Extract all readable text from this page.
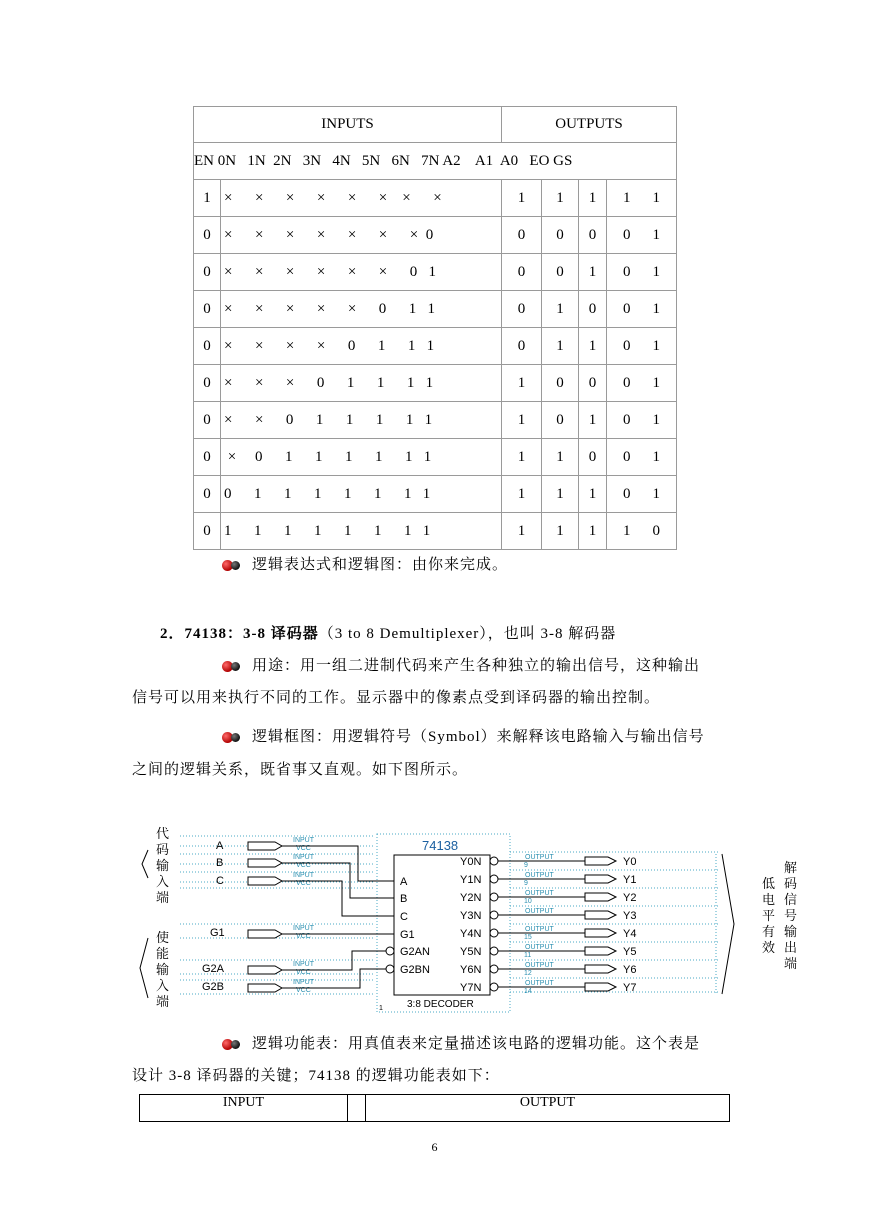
INPUTS		OUTPUTS			
EN 0N   1N  2N   3N   4N   5N   6N   7N A2    A1  A0   EO GS					
1	×      ×      ×      ×      ×      ×    ×      ×	1	1	1	1 1
0	×      ×      ×      ×      ×      ×      ×  0	0	0	0	0 1
0	×      ×      ×      ×      ×      ×      0   1	0	0	1	0 1
0	×      ×      ×      ×      ×      0      1   1	0	1	0	0 1
0	×      ×      ×      ×      0      1      1   1	0	1	1	0 1
0	×      ×      ×      0      1      1      1   1	1	0	0	0 1
0	×      ×      0      1      1      1      1   1	1	0	1	0 1
0	×     0      1      1      1      1      1   1	1	1	0	0 1
0	0      1      1      1      1      1      1   1	1	1	1	0 1
0	1      1      1      1      1      1      1   1	1	1	1	1 0
逻辑表达式和逻辑图：由你来完成。
2．74138：3-8 译码器（3 to 8 Demultiplexer），也叫 3-8 解码器
用途：用一组二进制代码来产生各种独立的输出信号，这种输出
信号可以用来执行不同的工作。显示器中的像素点受到译码器的输出控制。
逻辑框图：用逻辑符号（Symbol）来解释该电路输入与输出信号
之间的逻辑关系，既省事又直观。如下图所示。
代
码
输
入
端
使
能
输
入
端
A
B
C
G1
G2A
G2B
INPUT
VCC
INPUT
VCC
INPUT
VCC
INPUT
VCC
INPUT
VCC
INPUT
VCC
74138
3:8 DECODER
1
A
B
C
G1
G2AN
G2BN
Y0N
Y1N
Y2N
Y3N
Y4N
Y5N
Y6N
Y7N
OUTPUT
9
OUTPUT
9
OUTPUT
10
OUTPUT
OUTPUT
15
OUTPUT
11
OUTPUT
12
OUTPUT
14
Y0
Y1
Y2
Y3
Y4
Y5
Y6
Y7
低
电
平
有
效
解
码
信
号
输
出
端
逻辑功能表：用真值表来定量描述该电路的逻辑功能。这个表是
设计 3-8 译码器的关键；74138 的逻辑功能表如下：
INPUT		OUTPUT
6
